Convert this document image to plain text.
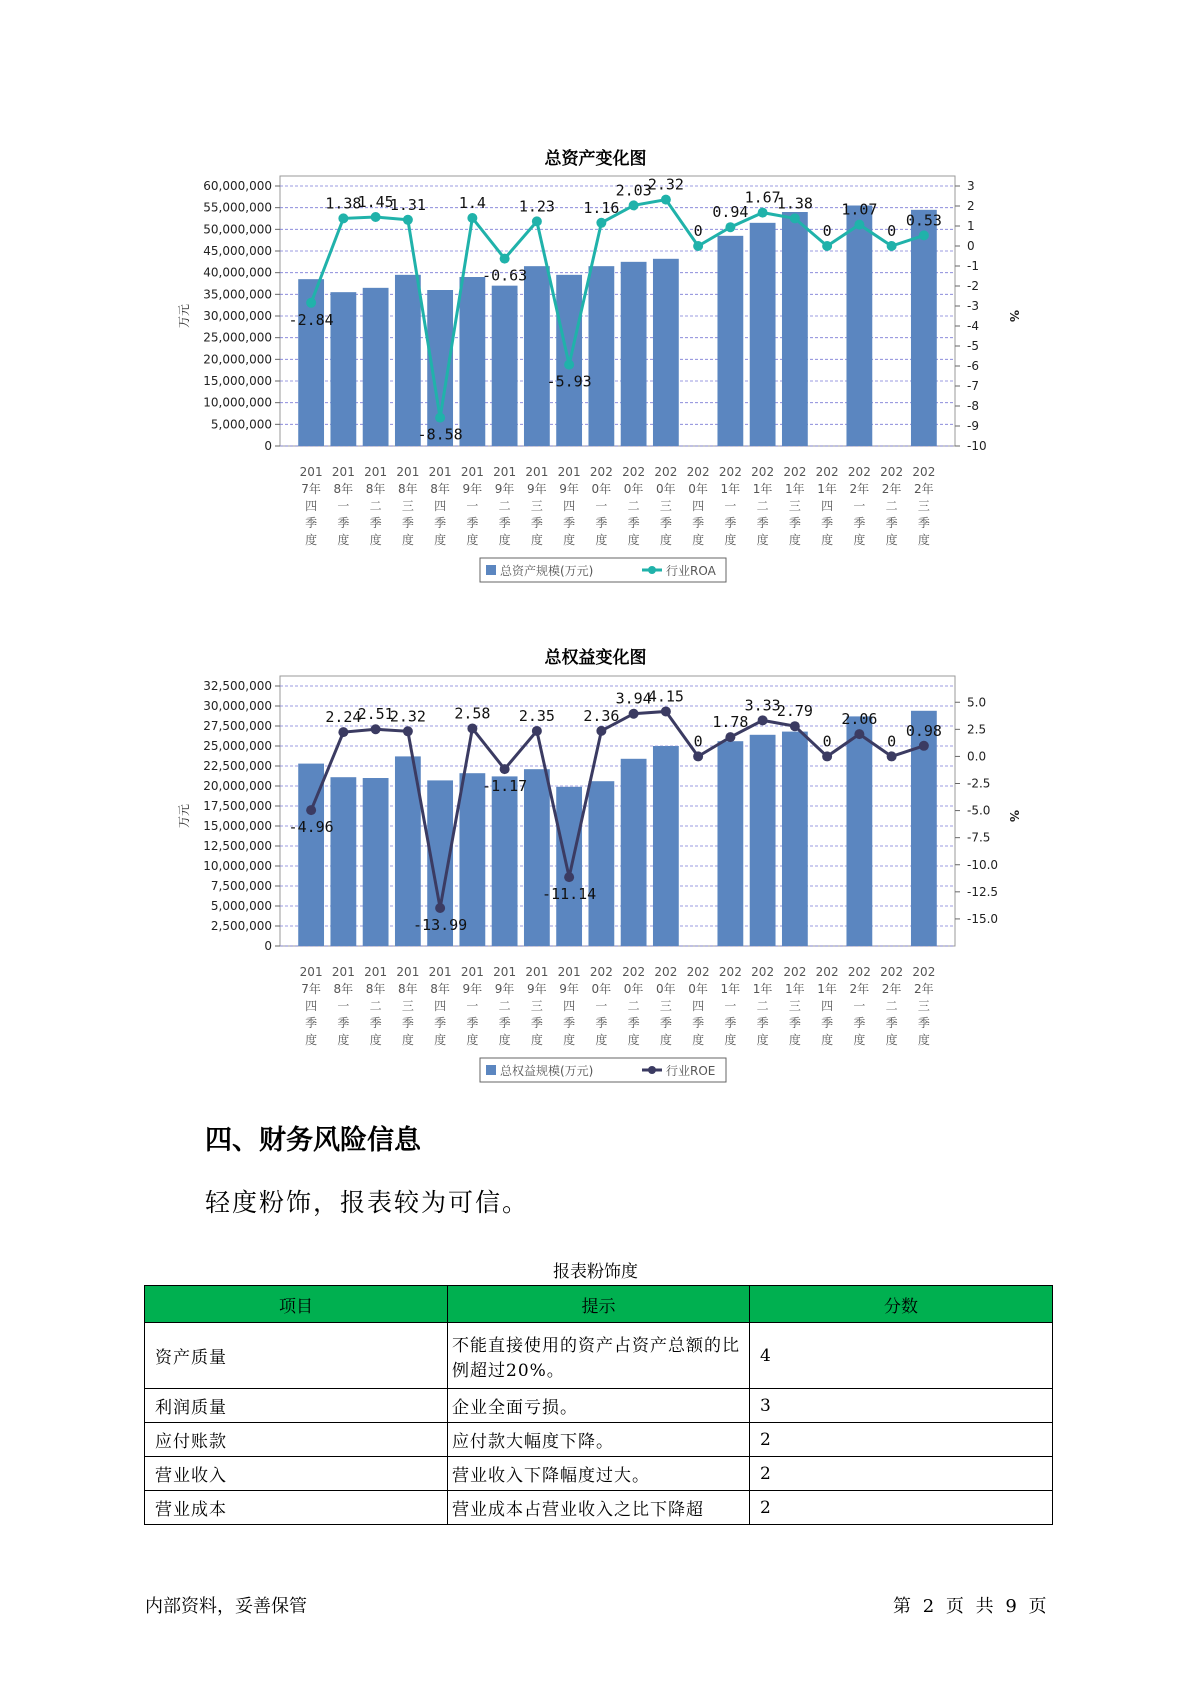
总资产变化图
0
5,000,000
10,000,000
15,000,000
20,000,000
25,000,000
30,000,000
35,000,000
40,000,000
45,000,000
50,000,000
55,000,000
60,000,000	3
2
1
0
-1
-2
-3
-4
-5
-6
-7
-8
-9
-10
万元	%
201 7年四季度
201 8年一季度
201 8年二季度
201 8年三季度
201 8年四季度
201 9年一季度
201 9年二季度
201 9年三季度
201 9年四季度
202 0年一季度
202 0年二季度
202 0年三季度
202 0年四季度
202 1年一季度
202 1年二季度
202 1年三季度
202 1年四季度
202 2年一季度
202 2年二季度
202 2年三季度
-2.84
1.38
1.45
1.31
-8.58
1.4
-0.63
1.23
-5.93
1.16
2.03
2.32
0
0.94
1.67
1.38
0
1.07
0
0.53
总资产规模(万元)	行业ROA
总权益变化图
0
2,500,000
5,000,000
7,500,000
10,000,000
12,500,000
15,000,000
17,500,000
20,000,000
22,500,000
25,000,000
27,500,000
30,000,000
32,500,000
5.0
2.5
0.0
-2.5
-5.0
-7.5
-10.0
-12.5
-15.0
万元	%
201 7年四季度
201 8年一季度
201 8年二季度
201 8年三季度
201 8年四季度
201 9年一季度
201 9年二季度
201 9年三季度
201 9年四季度
202 0年一季度
202 0年二季度
202 0年三季度
202 0年四季度
202 1年一季度
202 1年二季度
202 1年三季度
202 1年四季度
202 2年一季度
202 2年二季度
202 2年三季度
-4.96
2.24
2.51
2.32
-13.99
2.58
-1.17
2.35
-11.14
2.36
3.94
4.15
0
1.78
3.33
2.79
0
2.06
0
0.98
总权益规模(万元)	行业ROE
四、财务风险信息
轻度粉饰，报表较为可信。
报表粉饰度
项目	提示	分数
资产质量	不能直接使用的资产占资产总额的比例超过20%。	4
利润质量	企业全面亏损。	3
应付账款	应付款大幅度下降。	2
营业收入	营业收入下降幅度过大。	2
营业成本	营业成本占营业收入之比下降超	2
内部资料，妥善保管	第 2 页 共 9 页
